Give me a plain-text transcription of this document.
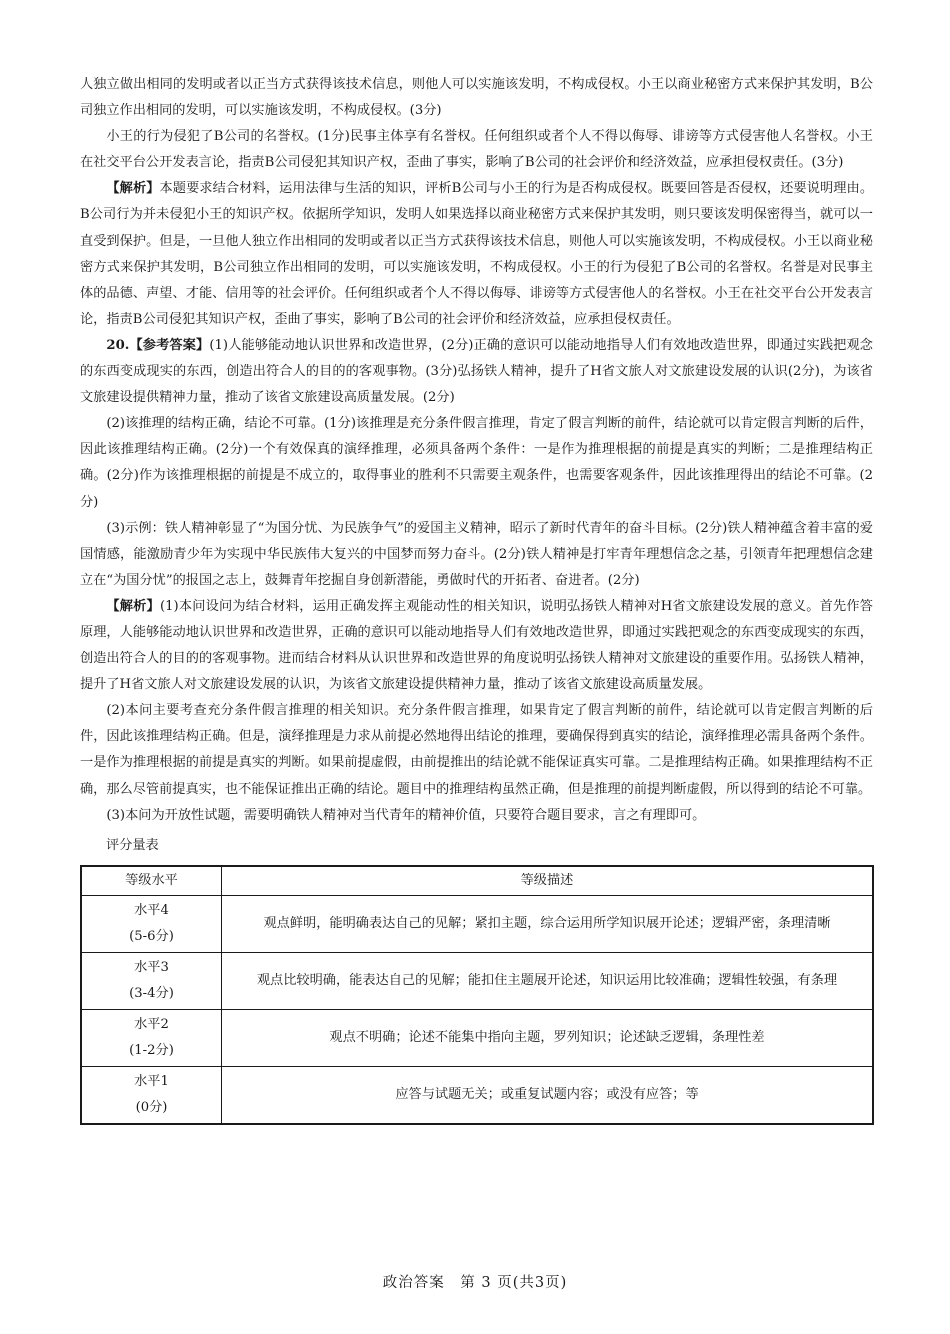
人独立做出相同的发明或者以正当方式获得该技术信息，则他人可以实施该发明，不构成侵权。小王以商业秘密方式来保护其发明，B公司独立作出相同的发明，可以实施该发明，不构成侵权。(3分)

小王的行为侵犯了B公司的名誉权。(1分)民事主体享有名誉权。任何组织或者个人不得以侮辱、诽谤等方式侵害他人名誉权。小王在社交平台公开发表言论，指责B公司侵犯其知识产权，歪曲了事实，影响了B公司的社会评价和经济效益，应承担侵权责任。(3分)

【解析】本题要求结合材料，运用法律与生活的知识，评析B公司与小王的行为是否构成侵权。既要回答是否侵权，还要说明理由。B公司行为并未侵犯小王的知识产权。依据所学知识，发明人如果选择以商业秘密方式来保护其发明，则只要该发明保密得当，就可以一直受到保护。但是，一旦他人独立作出相同的发明或者以正当方式获得该技术信息，则他人可以实施该发明，不构成侵权。小王以商业秘密方式来保护其发明，B公司独立作出相同的发明，可以实施该发明，不构成侵权。小王的行为侵犯了B公司的名誉权。名誉是对民事主体的品德、声望、才能、信用等的社会评价。任何组织或者个人不得以侮辱、诽谤等方式侵害他人的名誉权。小王在社交平台公开发表言论，指责B公司侵犯其知识产权，歪曲了事实，影响了B公司的社会评价和经济效益，应承担侵权责任。

20.【参考答案】(1)人能够能动地认识世界和改造世界，(2分)正确的意识可以能动地指导人们有效地改造世界，即通过实践把观念的东西变成现实的东西，创造出符合人的目的的客观事物。(3分)弘扬铁人精神，提升了H省文旅人对文旅建设发展的认识(2分)，为该省文旅建设提供精神力量，推动了该省文旅建设高质量发展。(2分)

(2)该推理的结构正确，结论不可靠。(1分)该推理是充分条件假言推理，肯定了假言判断的前件，结论就可以肯定假言判断的后件，因此该推理结构正确。(2分)一个有效保真的演绎推理，必须具备两个条件：一是作为推理根据的前提是真实的判断；二是推理结构正确。(2分)作为该推理根据的前提是不成立的，取得事业的胜利不只需要主观条件，也需要客观条件，因此该推理得出的结论不可靠。(2分)

(3)示例：铁人精神彰显了“为国分忧、为民族争气”的爱国主义精神，昭示了新时代青年的奋斗目标。(2分)铁人精神蕴含着丰富的爱国情感，能激励青少年为实现中华民族伟大复兴的中国梦而努力奋斗。(2分)铁人精神是打牢青年理想信念之基，引领青年把理想信念建立在“为国分忧”的报国之志上，鼓舞青年挖掘自身创新潜能，勇做时代的开拓者、奋进者。(2分)

【解析】(1)本问设问为结合材料，运用正确发挥主观能动性的相关知识，说明弘扬铁人精神对H省文旅建设发展的意义。首先作答原理，人能够能动地认识世界和改造世界，正确的意识可以能动地指导人们有效地改造世界，即通过实践把观念的东西变成现实的东西，创造出符合人的目的的客观事物。进而结合材料从认识世界和改造世界的角度说明弘扬铁人精神对文旅建设的重要作用。弘扬铁人精神，提升了H省文旅人对文旅建设发展的认识，为该省文旅建设提供精神力量，推动了该省文旅建设高质量发展。

(2)本问主要考查充分条件假言推理的相关知识。充分条件假言推理，如果肯定了假言判断的前件，结论就可以肯定假言判断的后件，因此该推理结构正确。但是，演绎推理是力求从前提必然地得出结论的推理，要确保得到真实的结论，演绎推理必需具备两个条件。一是作为推理根据的前提是真实的判断。如果前提虚假，由前提推出的结论就不能保证真实可靠。二是推理结构正确。如果推理结构不正确，那么尽管前提真实，也不能保证推出正确的结论。题目中的推理结构虽然正确，但是推理的前提判断虚假，所以得到的结论不可靠。

(3)本问为开放性试题，需要明确铁人精神对当代青年的精神价值，只要符合题目要求，言之有理即可。

评分量表

等级水平	等级描述
水平4
(5-6分)	观点鲜明，能明确表达自己的见解；紧扣主题，综合运用所学知识展开论述；逻辑严密，条理清晰
水平3
(3-4分)	观点比较明确，能表达自己的见解；能扣住主题展开论述，知识运用比较准确；逻辑性较强，有条理
水平2
(1-2分)	观点不明确；论述不能集中指向主题，罗列知识；论述缺乏逻辑，条理性差
水平1
(0分)	应答与试题无关；或重复试题内容；或没有应答；等
政治答案　第 3 页(共3页)
